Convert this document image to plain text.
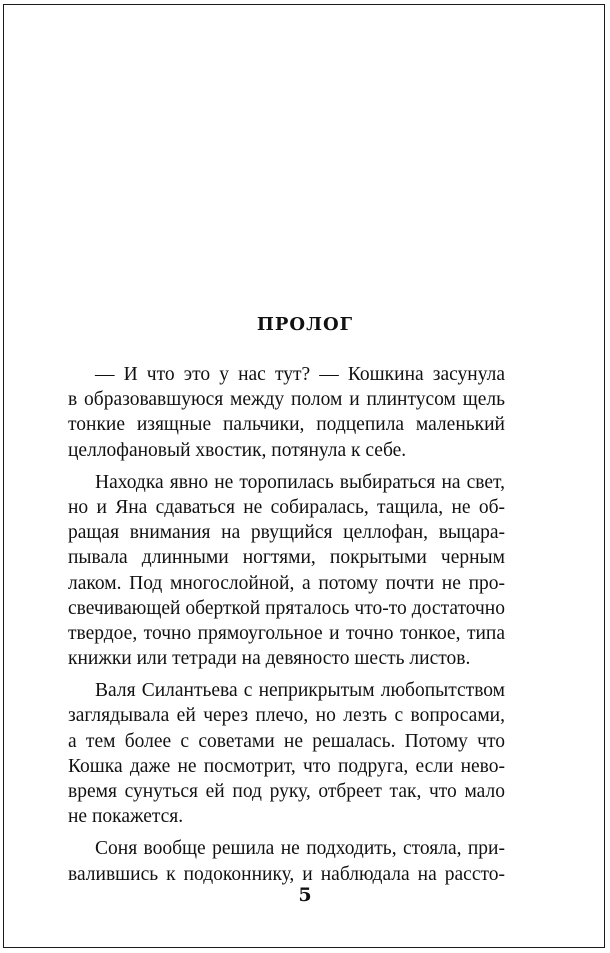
ПРОЛОГ
— И что это у нас тут? — Кошкина засунула
в образовавшуюся между полом и плинтусом щель
тонкие изящные пальчики, подцепила маленький
целлофановый хвостик, потянула к себе.
Находка явно не торопилась выбираться на свет,
но и Яна сдаваться не собиралась, тащила, не об-
ращая внимания на рвущийся целлофан, выцара-
пывала длинными ногтями, покрытыми черным
лаком. Под многослойной, а потому почти не про-
свечивающей оберткой пряталось что-то достаточно
твердое, точно прямоугольное и точно тонкое, типа
книжки или тетради на девяносто шесть листов.
Валя Силантьева с неприкрытым любопытством
заглядывала ей через плечо, но лезть с вопросами,
а тем более с советами не решалась. Потому что
Кошка даже не посмотрит, что подруга, если нево-
время сунуться ей под руку, отбреет так, что мало
не покажется.
Соня вообще решила не подходить, стояла, при-
валившись к подоконнику, и наблюдала на рассто-
5
